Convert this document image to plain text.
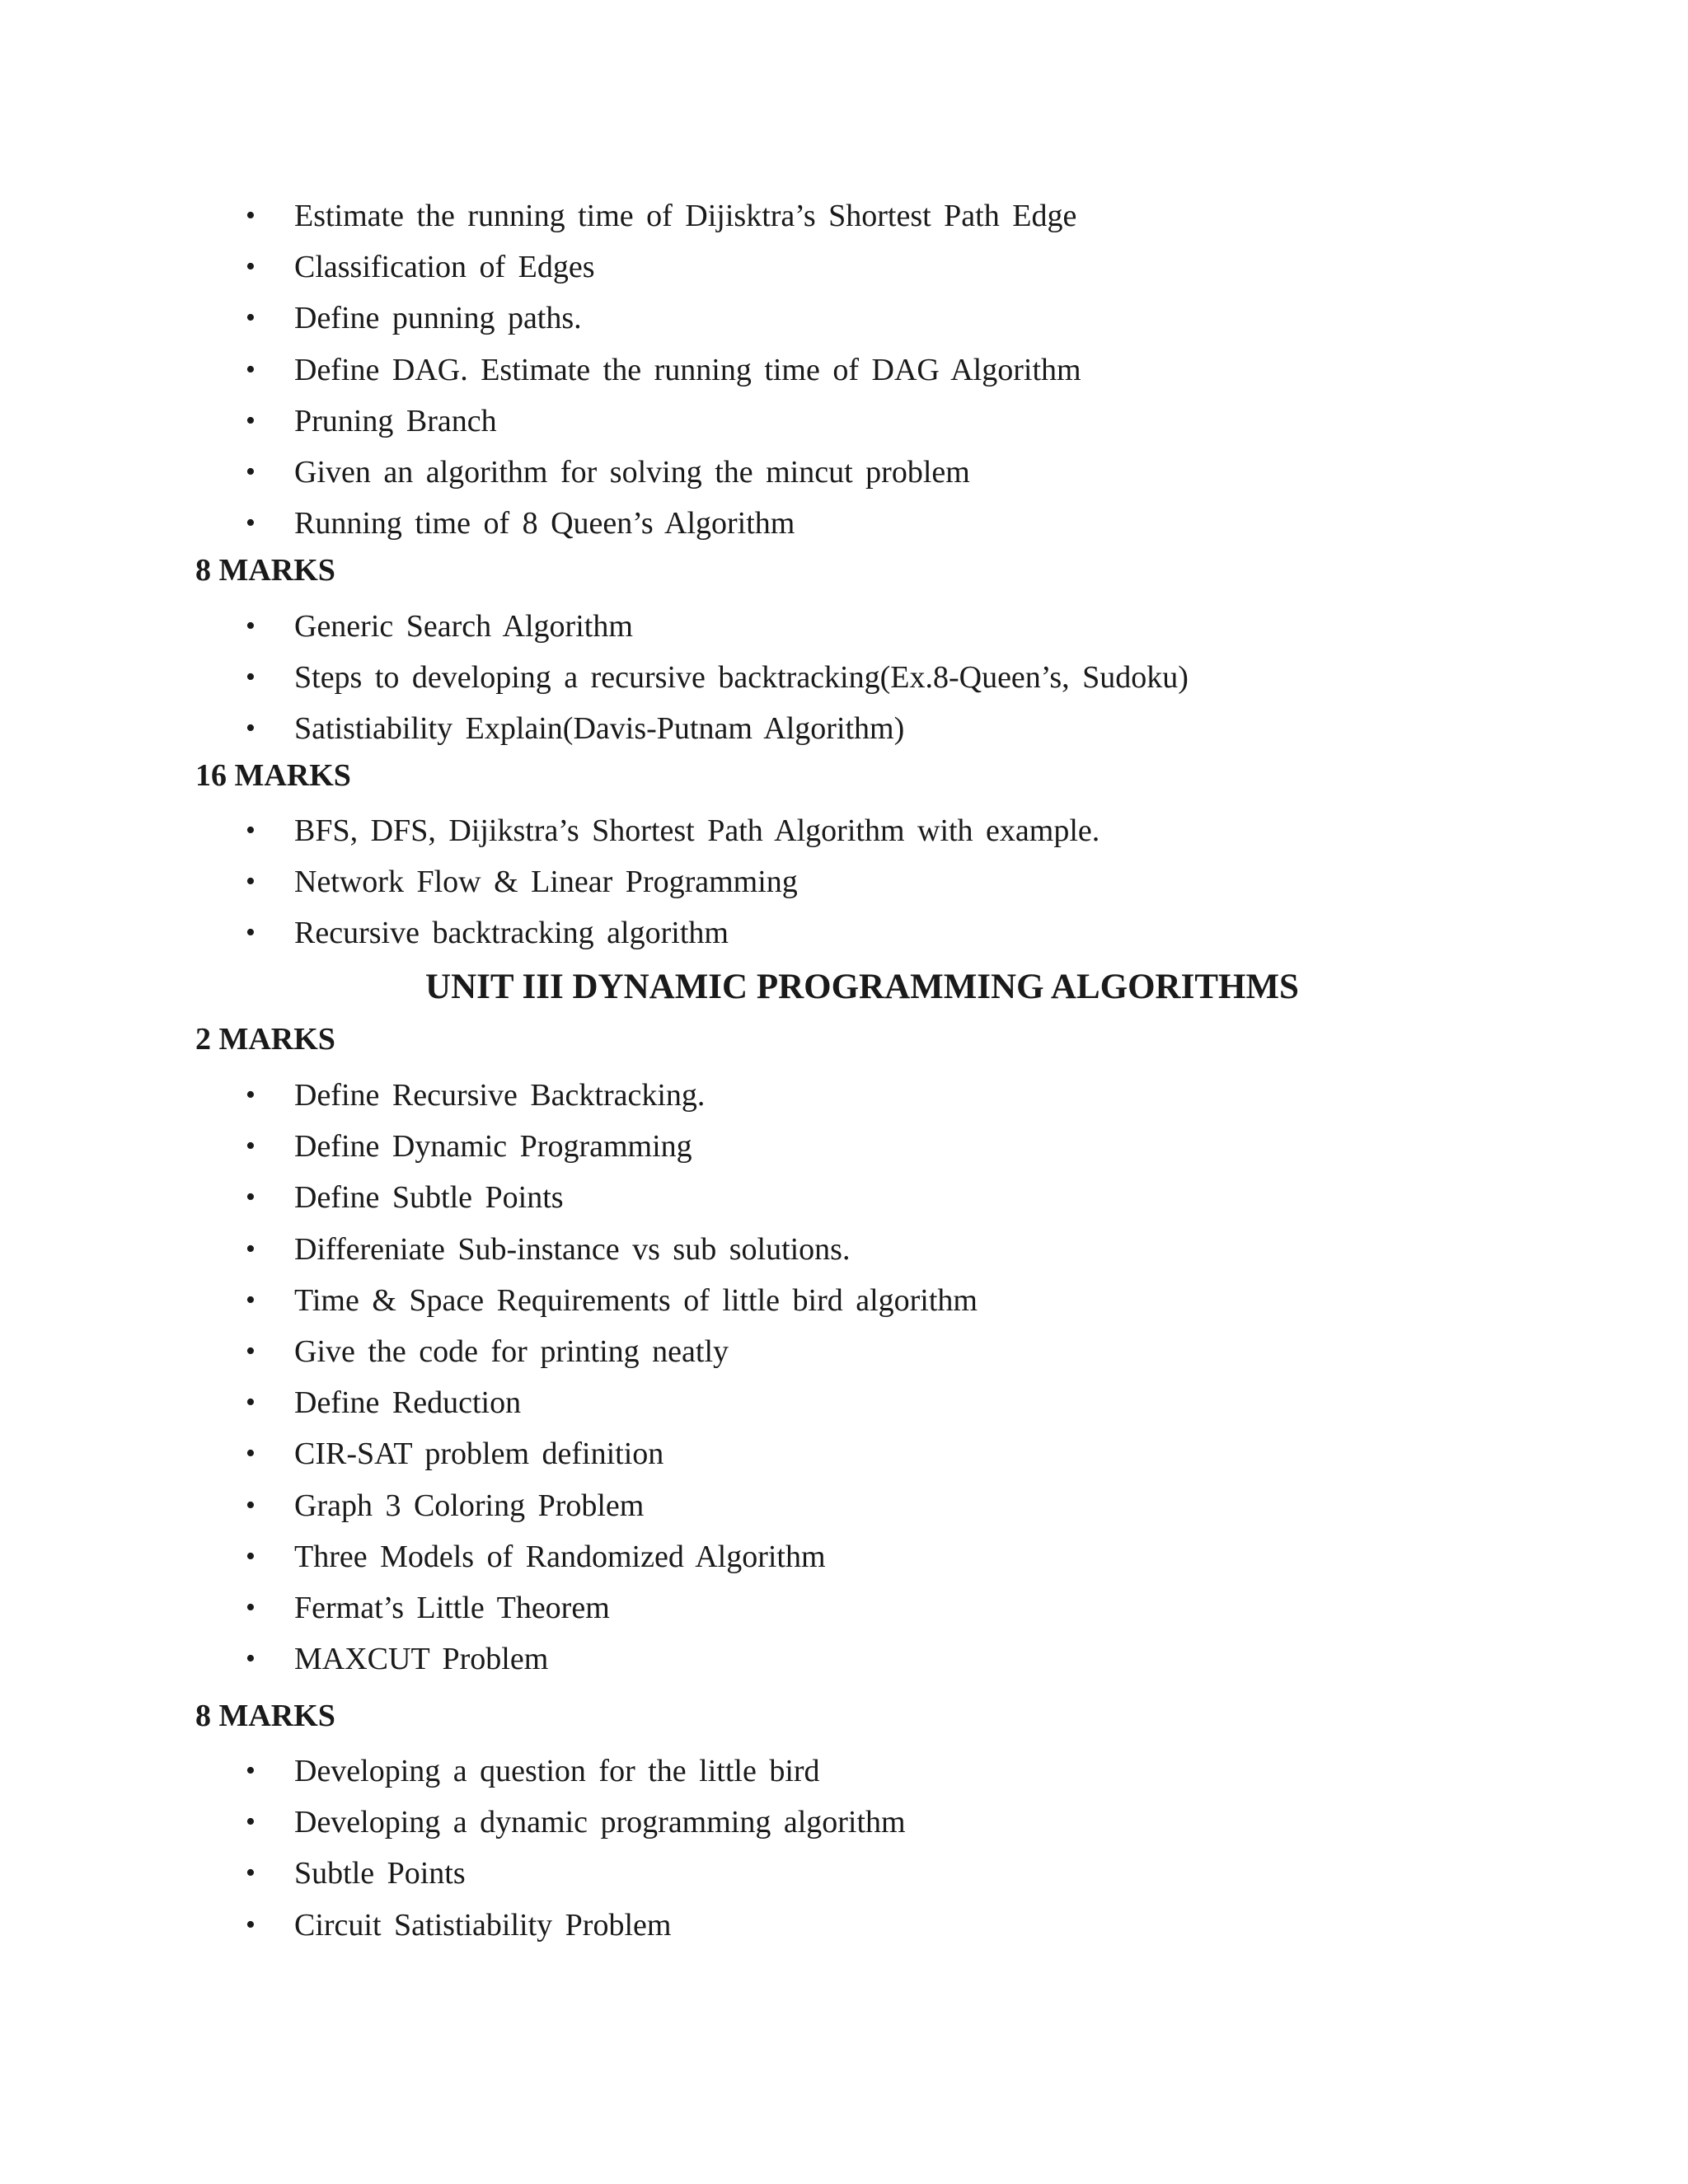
• Estimate the running time of Dijisktra’s Shortest Path Edge
• Classification of Edges
• Define punning paths.
• Define DAG. Estimate the running time of DAG Algorithm
• Pruning Branch
• Given an algorithm for solving the mincut problem
• Running time of 8 Queen’s Algorithm
8 MARKS
• Generic Search Algorithm
• Steps to developing a recursive backtracking(Ex.8-Queen’s, Sudoku)
• Satistiability Explain(Davis-Putnam Algorithm)
16 MARKS
• BFS, DFS, Dijikstra’s Shortest Path Algorithm with example.
• Network Flow & Linear Programming
• Recursive backtracking algorithm
UNIT III DYNAMIC PROGRAMMING ALGORITHMS
2 MARKS
• Define Recursive Backtracking.
• Define Dynamic Programming
• Define Subtle Points
• Differeniate Sub-instance vs sub solutions.
• Time & Space Requirements of little bird algorithm
• Give the code for printing neatly
• Define Reduction
• CIR-SAT problem definition
• Graph 3 Coloring Problem
• Three Models of Randomized Algorithm
• Fermat’s Little Theorem
• MAXCUT Problem
8 MARKS
• Developing a question for the little bird
• Developing a dynamic programming algorithm
• Subtle Points
• Circuit Satistiability Problem
